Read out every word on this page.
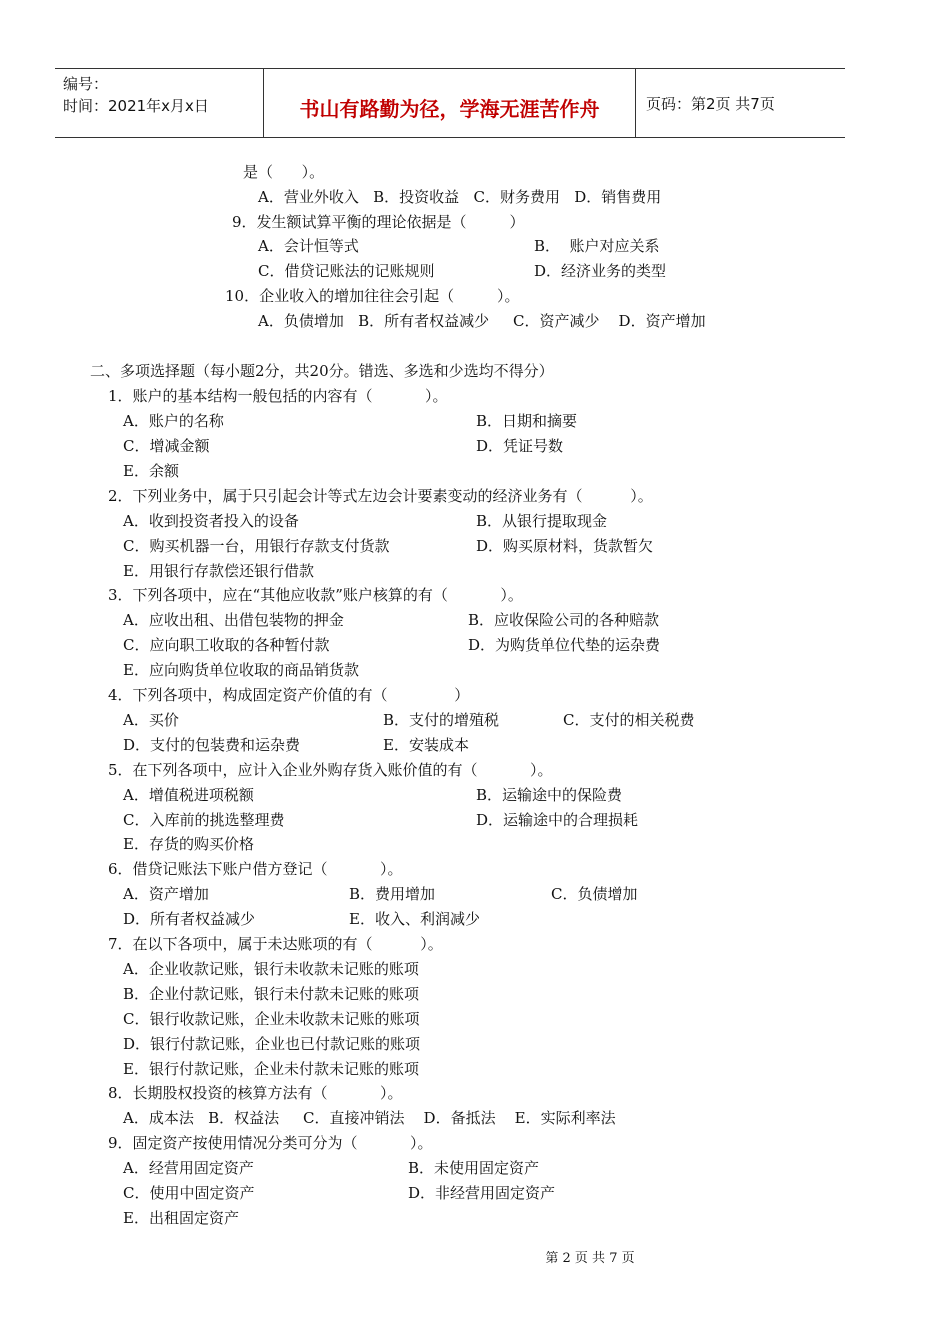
编号：
时间：2021年x月x日	书山有路勤为径，学海无涯苦作舟	页码：第2页 共7页
是（      ）。
A．营业外收入   B．投资收益   C．财务费用   D．销售费用
9．发生额试算平衡的理论依据是（         ）
A．会计恒等式	B．  账户对应关系
C．借贷记账法的记账规则	D．经济业务的类型
10．企业收入的增加往往会引起（         ）。
A．负债增加   B．所有者权益减少     C．资产减少    D．资产增加
二、多项选择题（每小题2分，共20分。错选、多选和少选均不得分）
1．账户的基本结构一般包括的内容有（           ）。
A．账户的名称	B．日期和摘要
C．增减金额	D．凭证号数
E．余额
2．下列业务中，属于只引起会计等式左边会计要素变动的经济业务有（          ）。
A．收到投资者投入的设备	B．从银行提取现金
C．购买机器一台，用银行存款支付货款	D．购买原材料，货款暂欠
E．用银行存款偿还银行借款
3．下列各项中，应在“其他应收款”账户核算的有（           ）。
A．应收出租、出借包装物的押金	B．应收保险公司的各种赔款
C．应向职工收取的各种暂付款	D．为购货单位代垫的运杂费
E．应向购货单位收取的商品销货款
4．下列各项中，构成固定资产价值的有（              ）
A．买价	B．支付的增殖税	C．支付的相关税费
D．支付的包装费和运杂费	E．安装成本
5．在下列各项中，应计入企业外购存货入账价值的有（           ）。
A．增值税进项税额	B．运输途中的保险费
C．入库前的挑选整理费	D．运输途中的合理损耗
E．存货的购买价格
6．借贷记账法下账户借方登记（           ）。
A．资产增加	B．费用增加	C．负债增加
D．所有者权益减少	E．收入、利润减少
7．在以下各项中，属于未达账项的有（          ）。
A．企业收款记账，银行未收款未记账的账项
B．企业付款记账，银行未付款未记账的账项
C．银行收款记账，企业未收款未记账的账项
D．银行付款记账，企业也已付款记账的账项
E．银行付款记账，企业未付款未记账的账项
8．长期股权投资的核算方法有（           ）。
A．成本法   B．权益法     C．直接冲销法    D．备抵法    E．实际利率法
9．固定资产按使用情况分类可分为（           ）。
A．经营用固定资产	B．未使用固定资产
C．使用中固定资产	D．非经营用固定资产
E．出租固定资产
第 2 页 共 7 页
